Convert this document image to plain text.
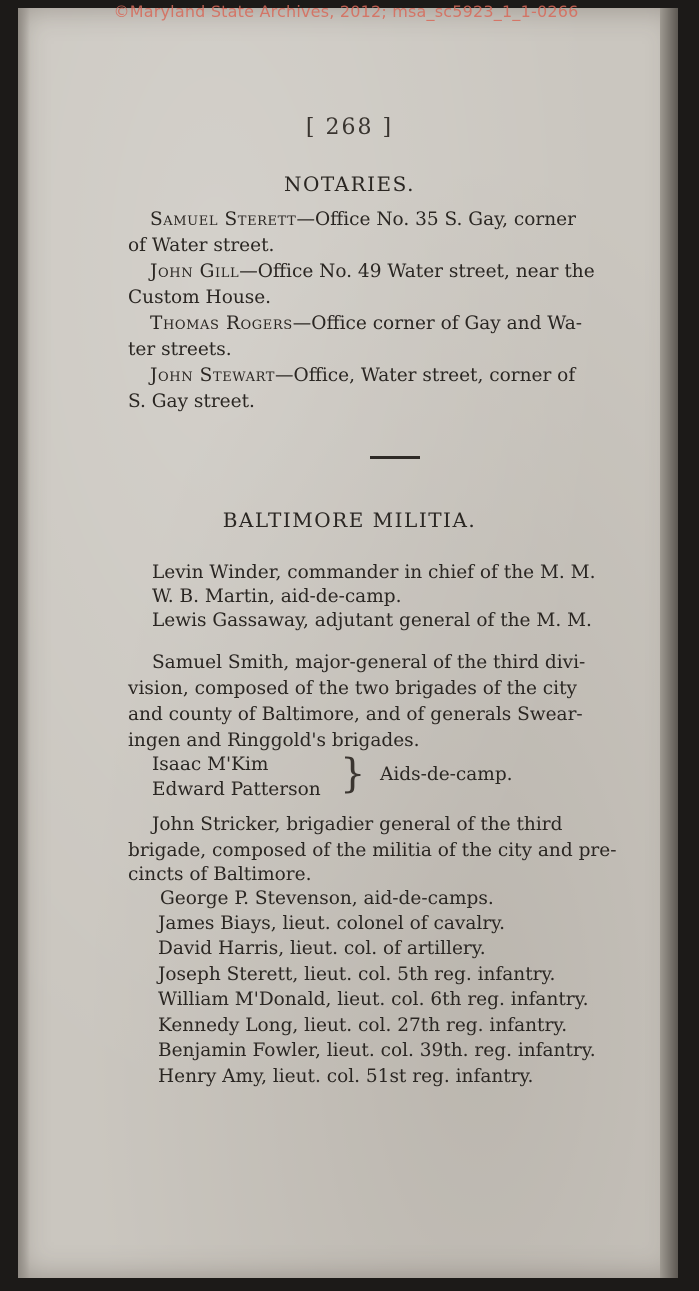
©Maryland State Archives, 2012; msa_sc5923_1_1-0266
[ 268 ]
NOTARIES.
Samuel Sterett—Office No. 35 S. Gay, corner
of Water street.
John Gill—Office No. 49 Water street, near the
Custom House.
Thomas Rogers—Office corner of Gay and Wa-
ter streets.
John Stewart—Office, Water street, corner of
S. Gay street.
BALTIMORE MILITIA.
Levin Winder, commander in chief of the M. M.
W. B. Martin, aid-de-camp.
Lewis Gassaway, adjutant general of the M. M.
Samuel Smith, major-general of the third divi-
vision, composed of the two brigades of the city
and county of Baltimore, and of generals Swear-
ingen and Ringgold's brigades.
Isaac M'Kim
Edward Patterson } Aids-de-camp.
John Stricker, brigadier general of the third
brigade, composed of the militia of the city and pre-
cincts of Baltimore.
George P. Stevenson, aid-de-camps.
James Biays, lieut. colonel of cavalry.
David Harris, lieut. col. of artillery.
Joseph Sterett, lieut. col. 5th reg. infantry.
William M'Donald, lieut. col. 6th reg. infantry.
Kennedy Long, lieut. col. 27th reg. infantry.
Benjamin Fowler, lieut. col. 39th. reg. infantry.
Henry Amy, lieut. col. 51st reg. infantry.
